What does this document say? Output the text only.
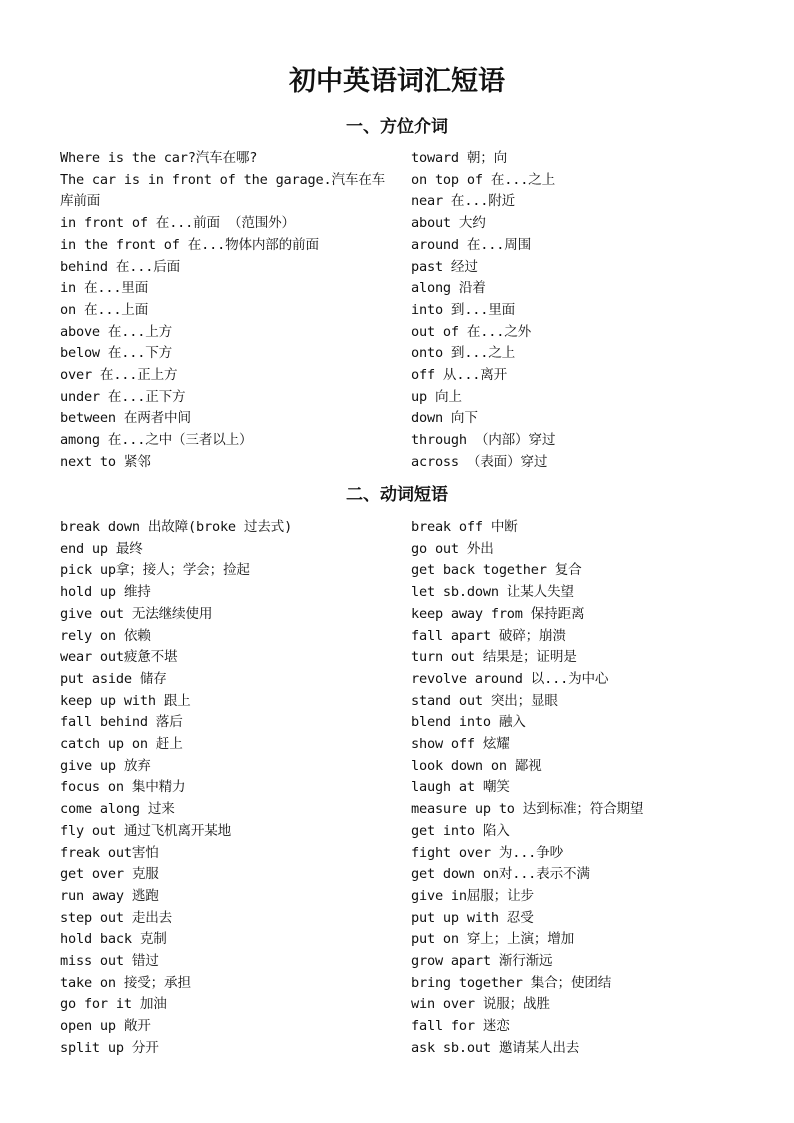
初中英语词汇短语
一、方位介词
Where is the car?汽车在哪?
The car is in front of the garage.汽车在车库前面
in front of 在...前面 （范围外）
in the front of 在...物体内部的前面
behind 在...后面
in 在...里面
on 在...上面
above 在...上方
below 在...下方
over 在...正上方
under 在...正下方
between 在两者中间
among 在...之中（三者以上）
next to 紧邻
toward 朝；向
on top of 在...之上
near 在...附近
about 大约
around 在...周围
past 经过
along 沿着
into 到...里面
out of 在...之外
onto 到...之上
off 从...离开
up 向上
down 向下
through （内部）穿过
across （表面）穿过
二、动词短语
break down 出故障(broke 过去式)
end up 最终
pick up拿；接人；学会；捡起
hold up 维持
give out 无法继续使用
rely on 依赖
wear out疲惫不堪
put aside 储存
keep up with 跟上
fall behind 落后
catch up on 赶上
give up 放弃
focus on 集中精力
come along 过来
fly out 通过飞机离开某地
freak out害怕
get over 克服
run away 逃跑
step out 走出去
hold back 克制
miss out 错过
take on 接受；承担
go for it 加油
open up 敞开
split up 分开
break off 中断
go out 外出
get back together 复合
let sb.down 让某人失望
keep away from 保持距离
fall apart 破碎；崩溃
turn out 结果是；证明是
revolve around 以...为中心
stand out 突出；显眼
blend into 融入
show off 炫耀
look down on 鄙视
laugh at 嘲笑
measure up to 达到标准；符合期望
get into 陷入
fight over 为...争吵
get down on对...表示不满
give in屈服；让步
put up with 忍受
put on 穿上；上演；增加
grow apart 渐行渐远
bring together 集合；使团结
win over 说服；战胜
fall for 迷恋
ask sb.out 邀请某人出去
